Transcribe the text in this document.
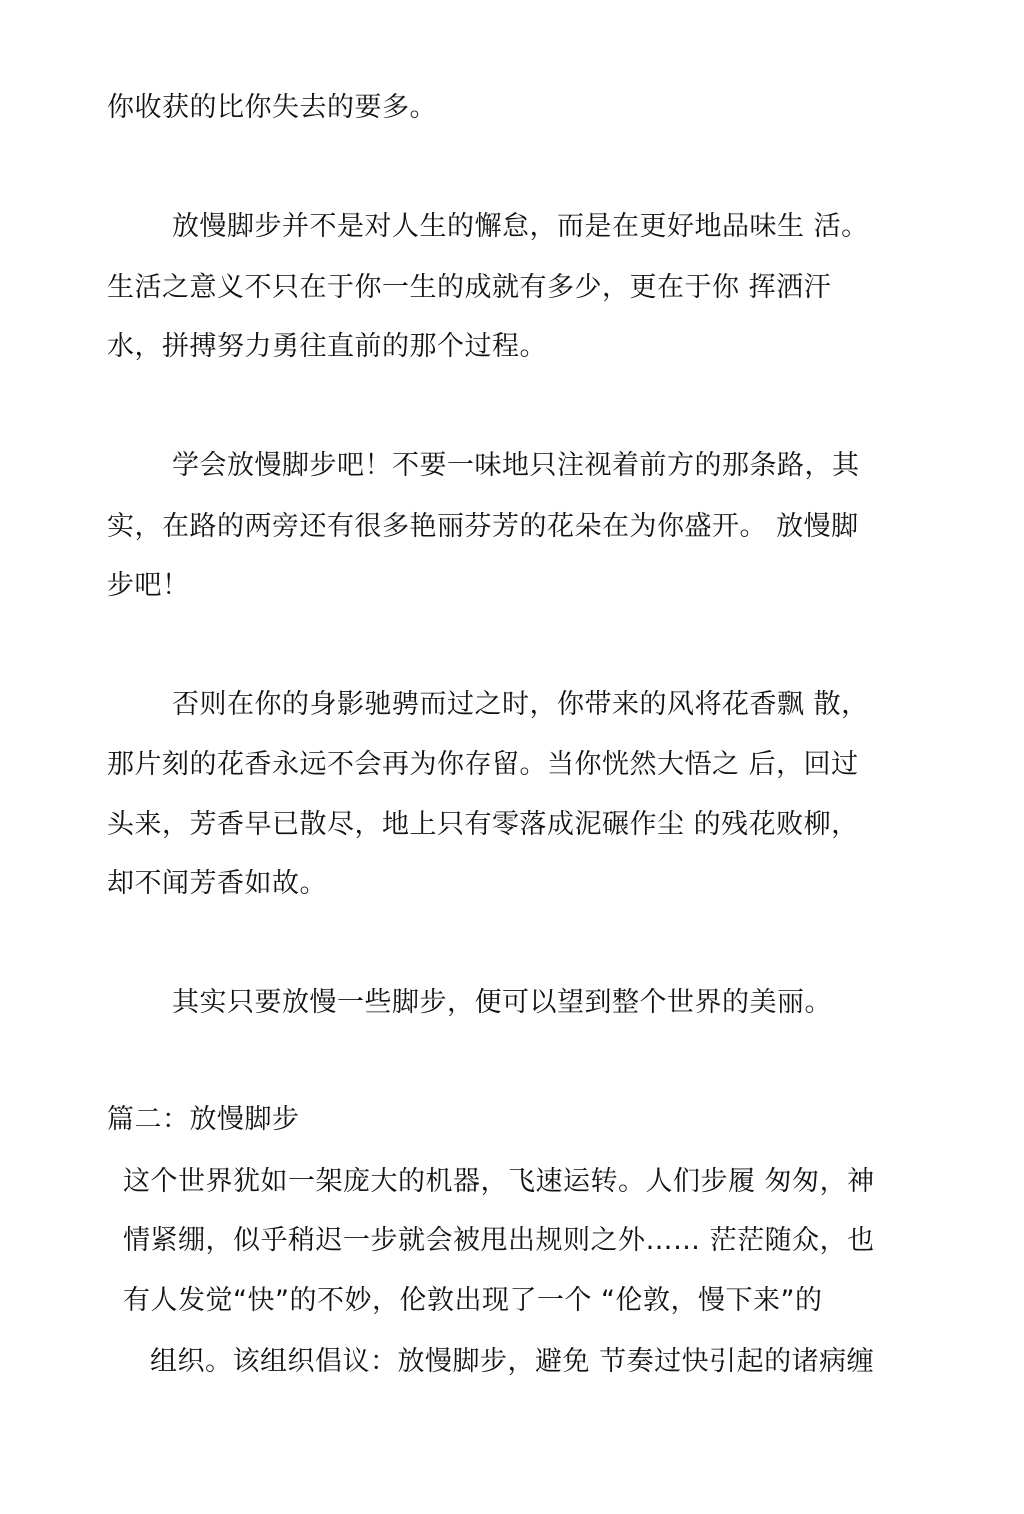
你收获的比你失去的要多。
放慢脚步并不是对人生的懈怠，而是在更好地品味生 活。
生活之意义不只在于你一生的成就有多少，更在于你 挥洒汗
水，拼搏努力勇往直前的那个过程。
学会放慢脚步吧！不要一味地只注视着前方的那条路，其
实，在路的两旁还有很多艳丽芬芳的花朵在为你盛开。 放慢脚
步吧！
否则在你的身影驰骋而过之时，你带来的风将花香飘 散，
那片刻的花香永远不会再为你存留。当你恍然大悟之 后，回过
头来，芳香早已散尽，地上只有零落成泥碾作尘 的残花败柳，
却不闻芳香如故。
其实只要放慢一些脚步，便可以望到整个世界的美丽。
篇二：放慢脚步
这个世界犹如一架庞大的机器，飞速运转。人们步履 匆匆，神
情紧绷，似乎稍迟一步就会被甩出规则之外…… 茫茫随众，也
有人发觉“快”的不妙，伦敦出现了一个 “伦敦，慢下来”的
组织。该组织倡议：放慢脚步，避免 节奏过快引起的诸病缠
